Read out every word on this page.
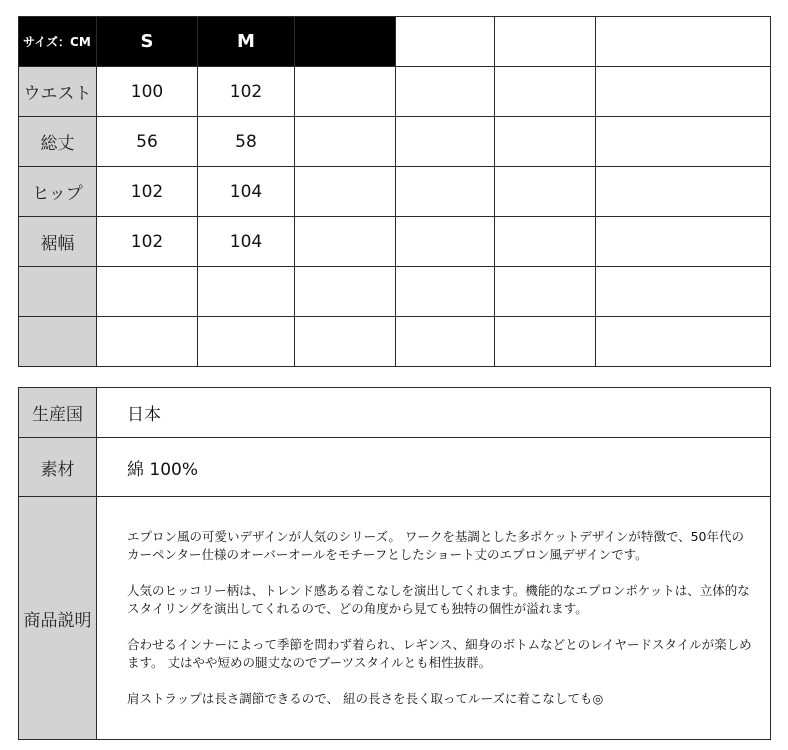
サイズ：CM	S	M				
ウエスト	100	102				
総丈	56	58				
ヒップ	102	104				
裾幅	102	104				

生産国	日本
素材	綿 100%
商品説明	エプロン風の可愛いデザインが人気のシリーズ。 ワークを基調とした多ポケットデザインが特徴で、50年代のカーペンター仕様のオーバーオールをモチーフとしたショート丈のエプロン風デザインです。

人気のヒッコリー柄は、トレンド感ある着こなしを演出してくれます。機能的なエプロンポケットは、立体的なスタイリングを演出してくれるので、どの角度から見ても独特の個性が溢れます。

合わせるインナーによって季節を問わず着られ、レギンス、細身のボトムなどとのレイヤードスタイルが楽しめます。 丈はやや短めの腿丈なのでブーツスタイルとも相性抜群。

肩ストラップは長さ調節できるので、 紐の長さを長く取ってルーズに着こなしても◎
